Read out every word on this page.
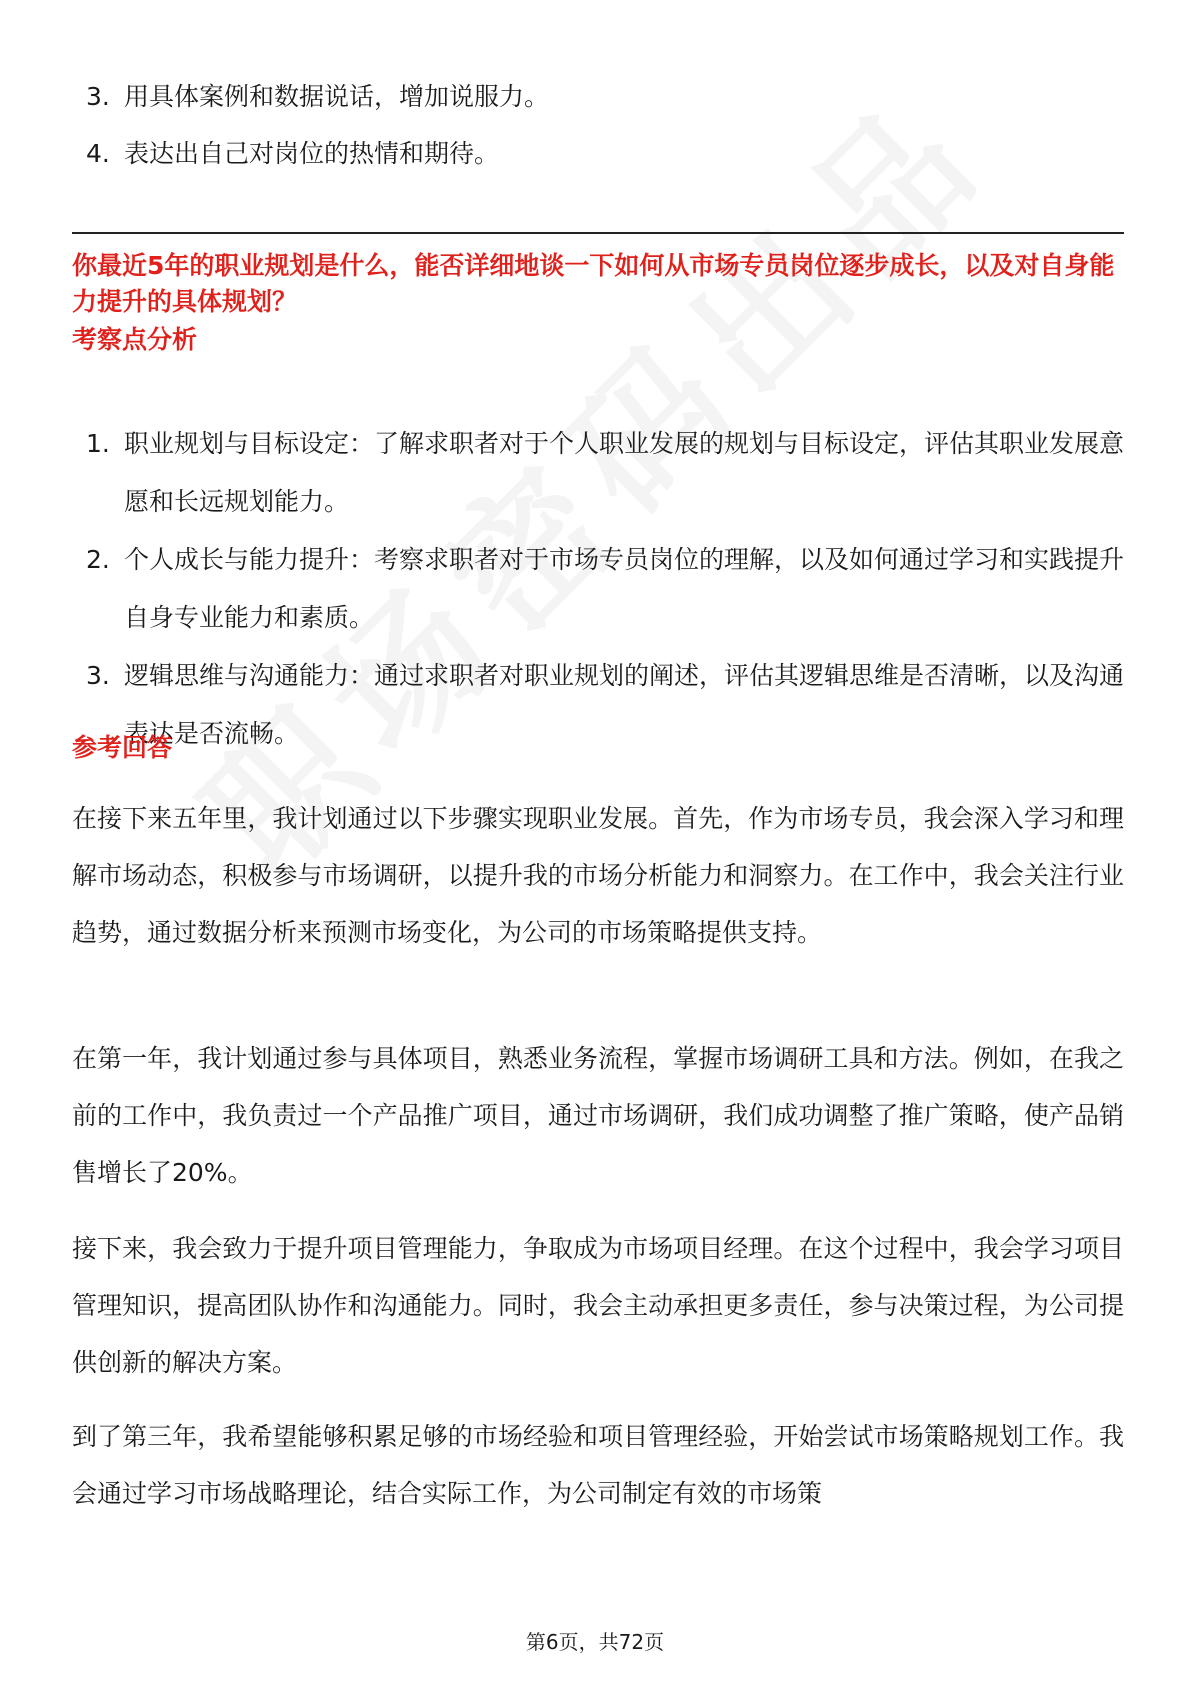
3. 用具体案例和数据说话，增加说服力。
4. 表达出自己对岗位的热情和期待。
你最近5年的职业规划是什么，能否详细地谈一下如何从市场专员岗位逐步成长，以及对自身能力提升的具体规划？
考察点分析
1. 职业规划与目标设定：了解求职者对于个人职业发展的规划与目标设定，评估其职业发展意愿和长远规划能力。
2. 个人成长与能力提升：考察求职者对于市场专员岗位的理解，以及如何通过学习和实践提升自身专业能力和素质。
3. 逻辑思维与沟通能力：通过求职者对职业规划的阐述，评估其逻辑思维是否清晰，以及沟通表达是否流畅。
参考回答

在接下来五年里，我计划通过以下步骤实现职业发展。首先，作为市场专员，我会深入学习和理解市场动态，积极参与市场调研，以提升我的市场分析能力和洞察力。在工作中，我会关注行业趋势，通过数据分析来预测市场变化，为公司的市场策略提供支持。

在第一年，我计划通过参与具体项目，熟悉业务流程，掌握市场调研工具和方法。例如，在我之前的工作中，我负责过一个产品推广项目，通过市场调研，我们成功调整了推广策略，使产品销售增长了20%。

接下来，我会致力于提升项目管理能力，争取成为市场项目经理。在这个过程中，我会学习项目管理知识，提高团队协作和沟通能力。同时，我会主动承担更多责任，参与决策过程，为公司提供创新的解决方案。

到了第三年，我希望能够积累足够的市场经验和项目管理经验，开始尝试市场策略规划工作。我会通过学习市场战略理论，结合实际工作，为公司制定有效的市场策

第6页，共72页
